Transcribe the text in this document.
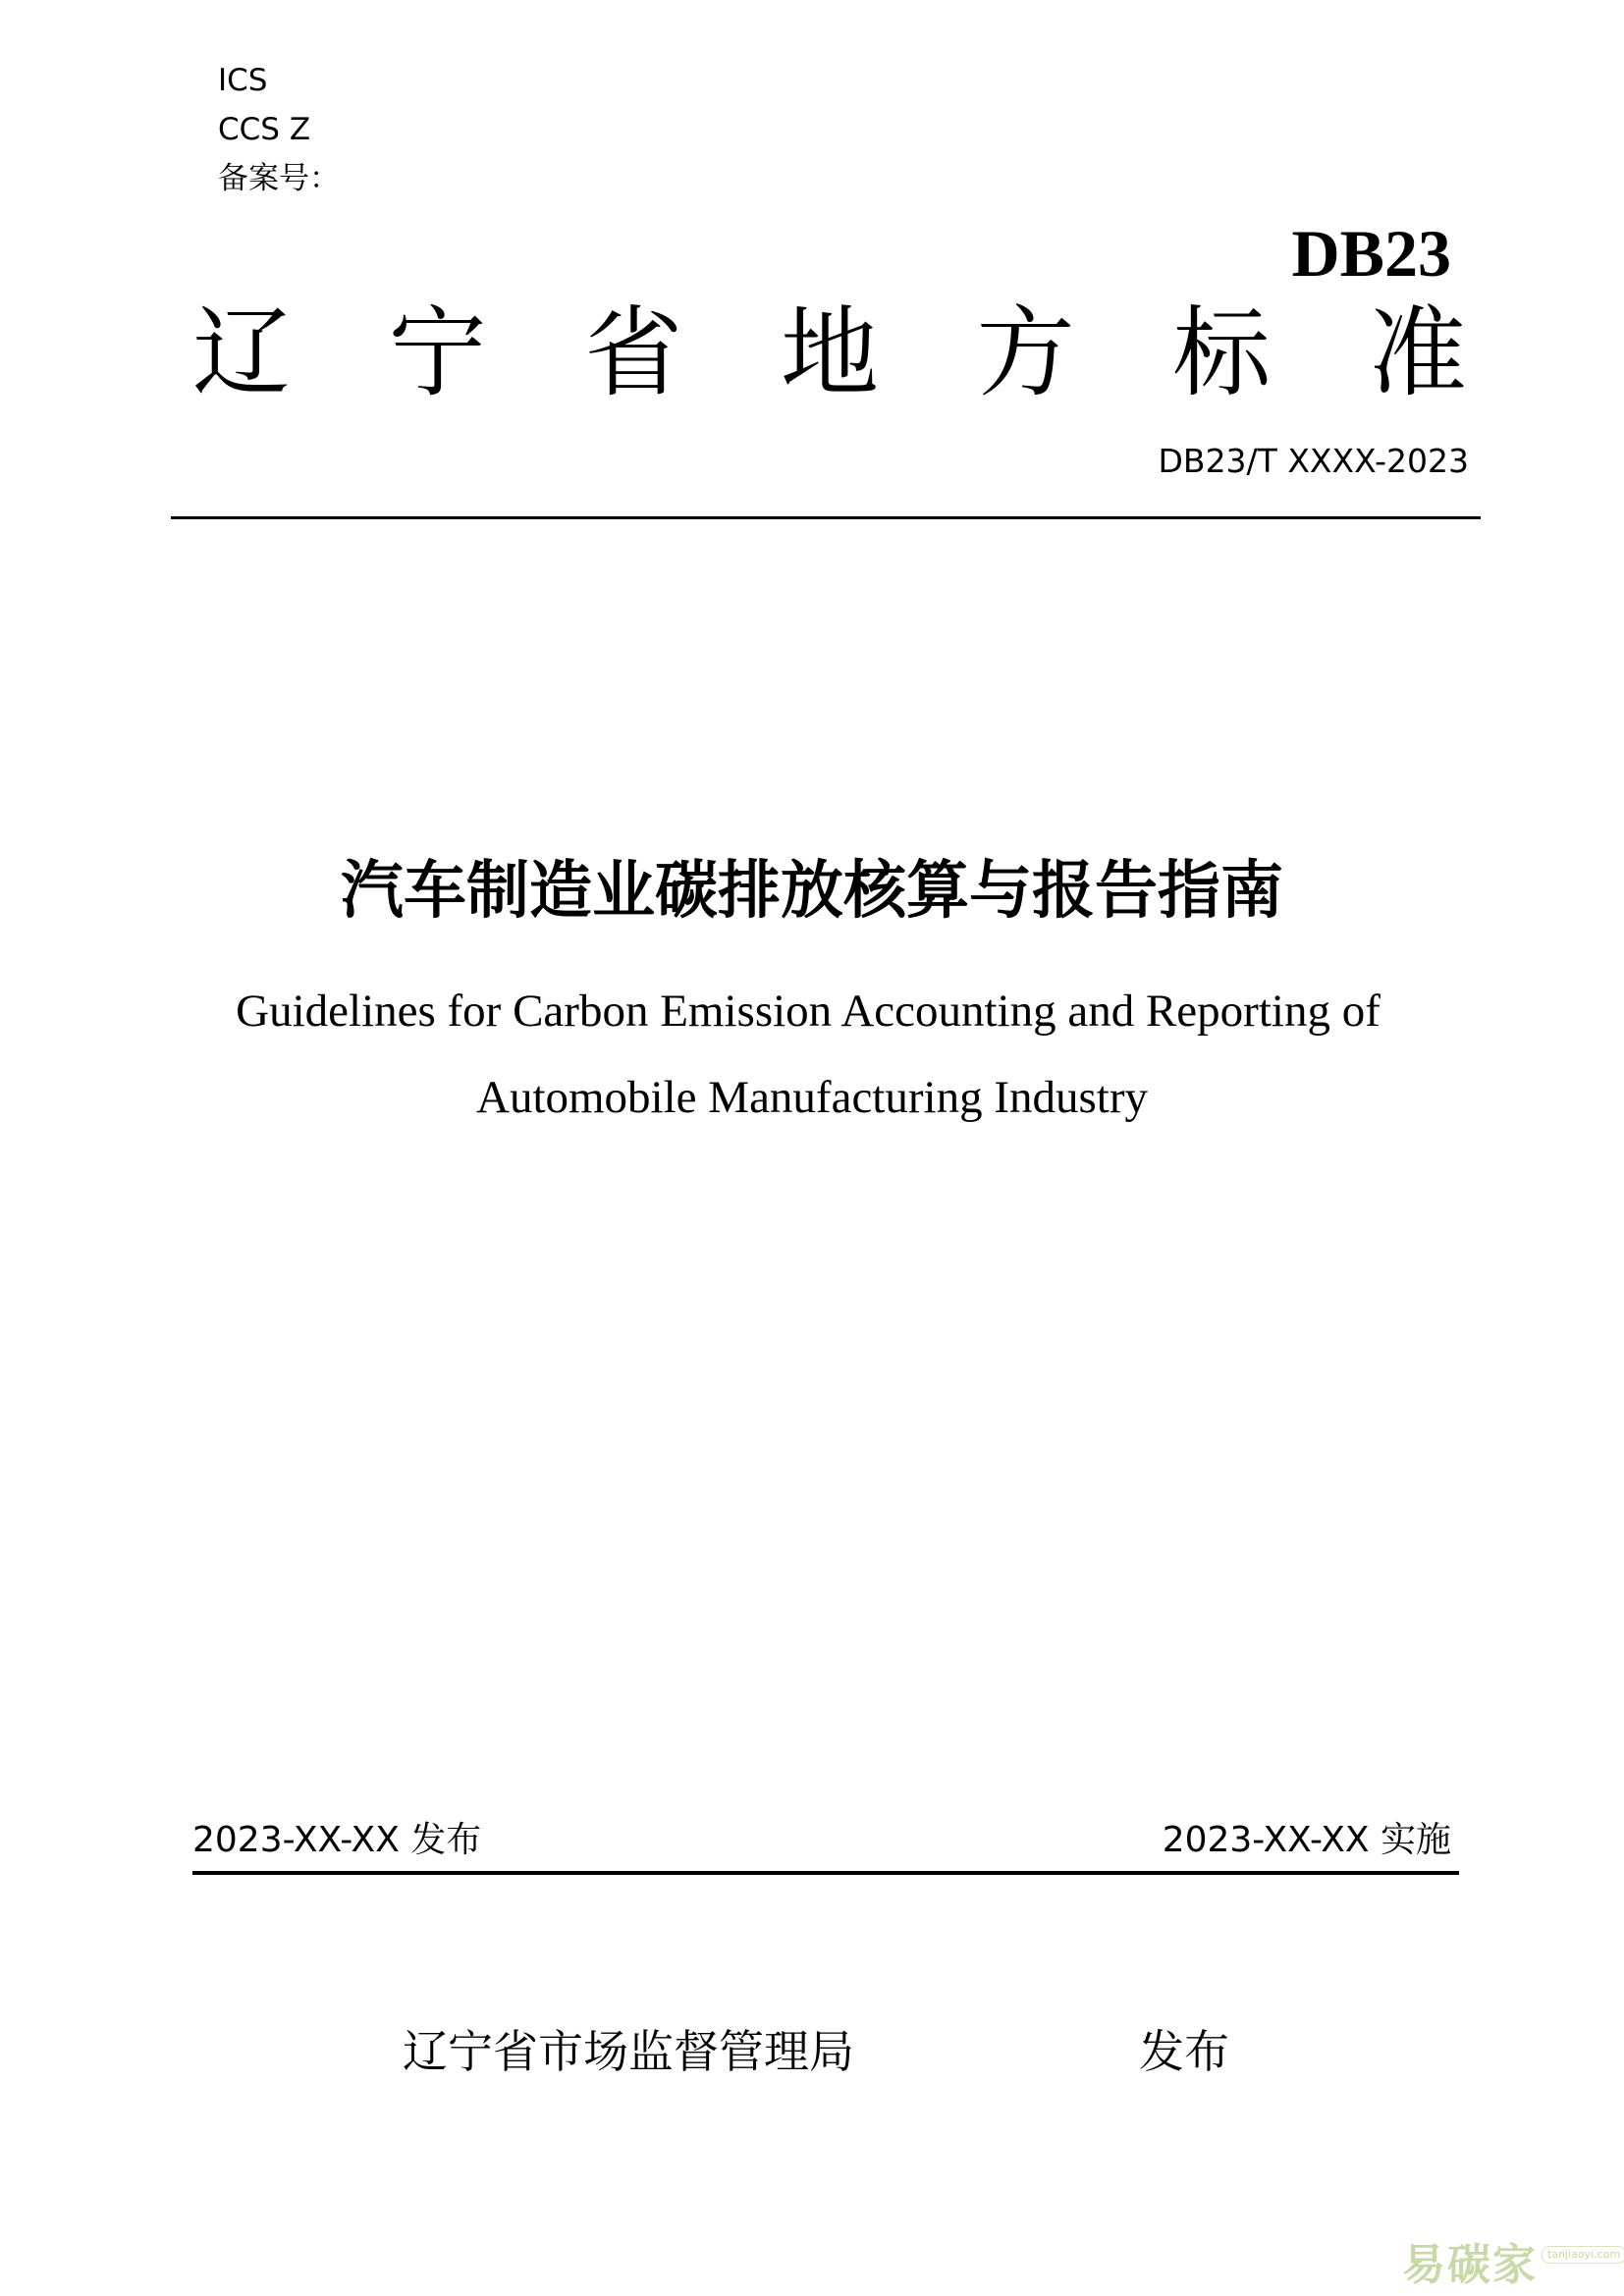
ICS
CCS Z
备案号：
DB23
辽 宁 省 地 方 标 准
DB23/T XXXX-2023
汽车制造业碳排放核算与报告指南
Guidelines for Carbon Emission Accounting and Reporting of
Automobile Manufacturing Industry
2023-XX-XX 发布	2023-XX-XX 实施
辽宁省市场监督管理局	发布
易碳家 tanjiaoyi.com
